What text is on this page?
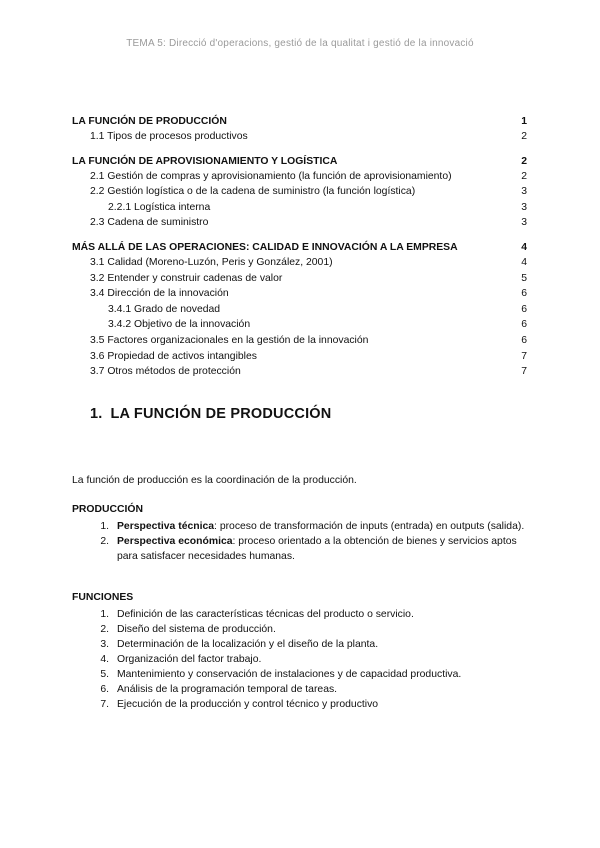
TEMA 5: Direcció d'operacions, gestió de la qualitat i gestió de la innovació
LA FUNCIÓN DE PRODUCCIÓN	1
1.1 Tipos de procesos productivos	2
LA FUNCIÓN DE APROVISIONAMIENTO Y LOGÍSTICA	2
2.1 Gestión de compras y aprovisionamiento (la función de aprovisionamiento)	2
2.2 Gestión logística o de la cadena de suministro (la función logística)	3
2.2.1 Logística interna	3
2.3 Cadena de suministro	3
MÁS ALLÁ DE LAS OPERACIONES: CALIDAD E INNOVACIÓN A LA EMPRESA	4
3.1 Calidad (Moreno-Luzón, Peris y González, 2001)	4
3.2 Entender y construir cadenas de valor	5
3.4 Dirección de la innovación	6
3.4.1 Grado de novedad	6
3.4.2 Objetivo de la innovación	6
3.5 Factores organizacionales en la gestión de la innovación	6
3.6 Propiedad de activos intangibles	7
3.7 Otros métodos de protección	7
1. LA FUNCIÓN DE PRODUCCIÓN
La función de producción es la coordinación de la producción.
PRODUCCIÓN
1. Perspectiva técnica: proceso de transformación de inputs (entrada) en outputs (salida).
2. Perspectiva económica: proceso orientado a la obtención de bienes y servicios aptos para satisfacer necesidades humanas.
FUNCIONES
1. Definición de las características técnicas del producto o servicio.
2. Diseño del sistema de producción.
3. Determinación de la localización y el diseño de la planta.
4. Organización del factor trabajo.
5. Mantenimiento y conservación de instalaciones y de capacidad productiva.
6. Análisis de la programación temporal de tareas.
7. Ejecución de la producción y control técnico y productivo
